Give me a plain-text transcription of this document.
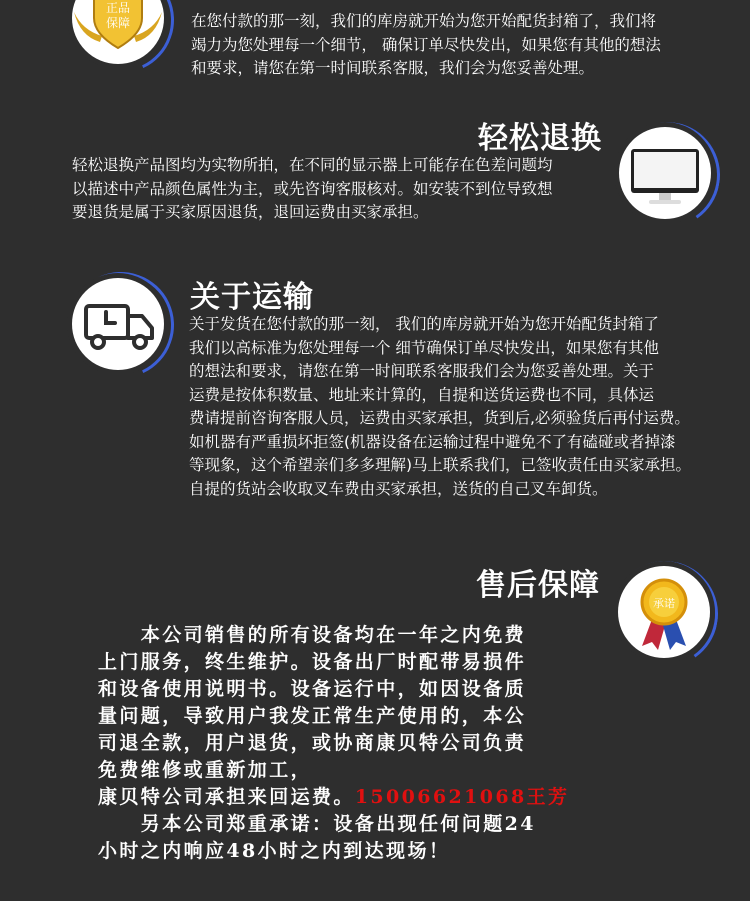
正品
保障	在您付款的那一刻，我们的库房就开始为您开始配货封箱了，我们将
竭力为您处理每一个细节， 确保订单尽快发出，如果您有其他的想法
和要求，请您在第一时间联系客服，我们会为您妥善处理。

轻松退换

轻松退换产品图均为实物所拍，在不同的显示器上可能存在色差问题均
以描述中产品颜色属性为主，或先咨询客服核对。如安装不到位导致想
要退货是属于买家原因退货，退回运费由买家承担。

关于运输

关于发货在您付款的那一刻， 我们的库房就开始为您开始配货封箱了
我们以高标准为您处理每一个 细节确保订单尽快发出，如果您有其他
的想法和要求，请您在第一时间联系客服我们会为您妥善处理。关于
运费是按体积数量、地址来计算的，自提和送货运费也不同，具体运
费请提前咨询客服人员，运费由买家承担，货到后,必须验货后再付运费。
如机器有严重损坏拒签(机器设备在运输过程中避免不了有磕碰或者掉漆
等现象，这个希望亲们多多理解)马上联系我们，已签收责任由买家承担。
自提的货站会收取叉车费由买家承担，送货的自己叉车卸货。

售后保障
承诺
　　本公司销售的所有设备均在一年之内免费
上门服务，终生维护。设备出厂时配带易损件
和设备使用说明书。设备运行中，如因设备质
量问题，导致用户我发正常生产使用的，本公
司退全款，用户退货，或协商康贝特公司负责
免费维修或重新加工，
康贝特公司承担来回运费。15006621068王芳
　　另本公司郑重承诺：设备出现任何问题24
小时之内响应48小时之内到达现场！
